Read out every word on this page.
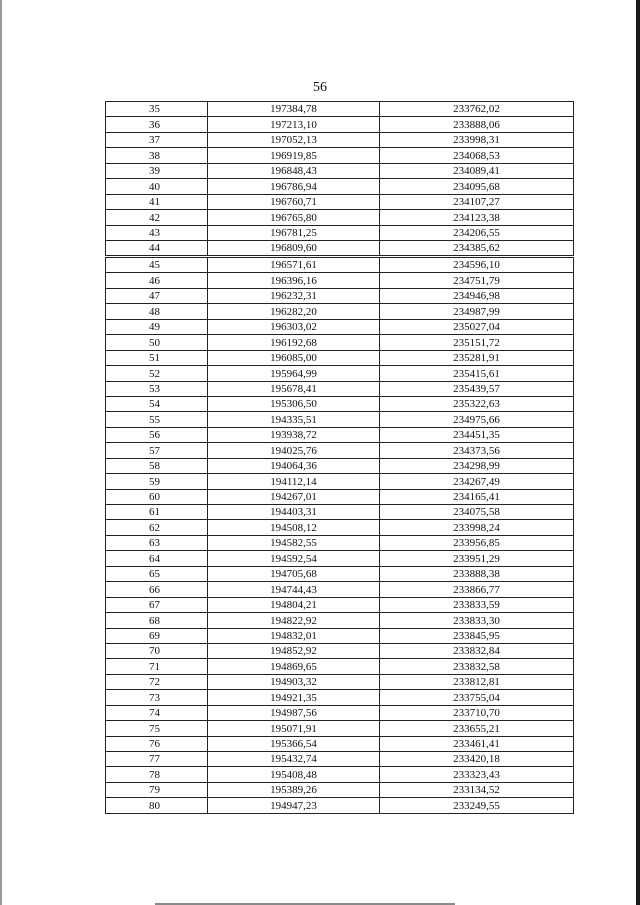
56
35	197384,78	233762,02
36	197213,10	233888,06
37	197052,13	233998,31
38	196919,85	234068,53
39	196848,43	234089,41
40	196786,94	234095,68
41	196760,71	234107,27
42	196765,80	234123,38
43	196781,25	234206,55
44	196809,60	234385,62
45	196571,61	234596,10
46	196396,16	234751,79
47	196232,31	234946,98
48	196282,20	234987,99
49	196303,02	235027,04
50	196192,68	235151,72
51	196085,00	235281,91
52	195964,99	235415,61
53	195678,41	235439,57
54	195306,50	235322,63
55	194335,51	234975,66
56	193938,72	234451,35
57	194025,76	234373,56
58	194064,36	234298,99
59	194112,14	234267,49
60	194267,01	234165,41
61	194403,31	234075,58
62	194508,12	233998,24
63	194582,55	233956,85
64	194592,54	233951,29
65	194705,68	233888,38
66	194744,43	233866,77
67	194804,21	233833,59
68	194822,92	233833,30
69	194832,01	233845,95
70	194852,92	233832,84
71	194869,65	233832,58
72	194903,32	233812,81
73	194921,35	233755,04
74	194987,56	233710,70
75	195071,91	233655,21
76	195366,54	233461,41
77	195432,74	233420,18
78	195408,48	233323,43
79	195389,26	233134,52
80	194947,23	233249,55
